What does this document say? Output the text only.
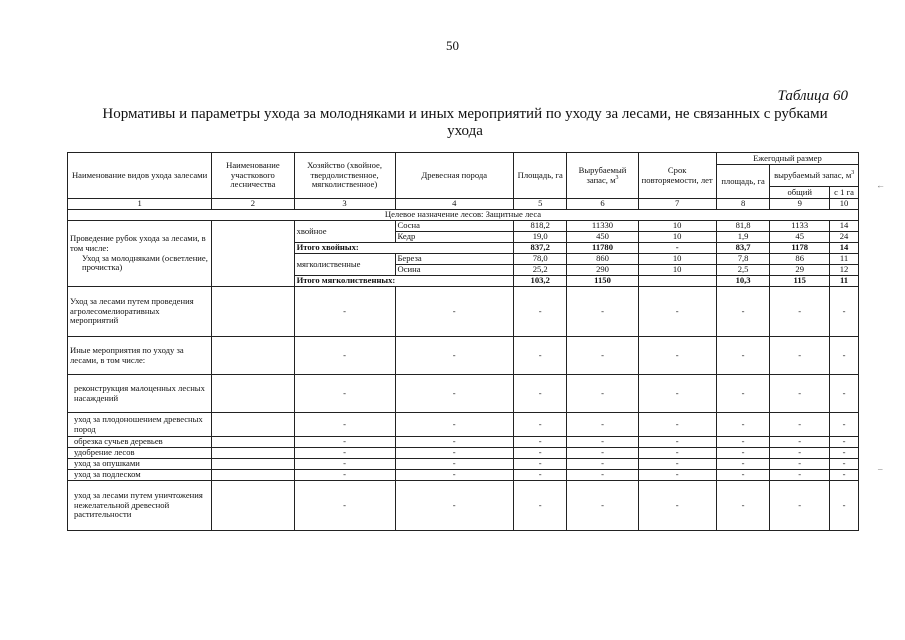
50
Таблица 60
Нормативы и параметры ухода за молодняками и иных мероприятий по уходу за лесами, не связанных с рубками
ухода
←
–
Наименование видов ухода залесами	Наименование участкового лесничества	Хозяйство (хвойное, твердолиственное, мягколиственное)	Древесная порода	Площадь, га	Вырубаемый запас, $м^3$	Срок повторяемости, лет	Ежегодный размер		
							площадь, га	вырубаемый запас, $м^3$
								общий	с 1 га
1	2	3	4	5	6	7	8	9	10
Целевое назначение лесов: Защитные леса									

Проведение рубок ухода за лесами, в том числе:
Уход за молодняками (осветление, прочистка)		хвойное	Сосна	818,2	11330	10	81,8	1133	14
			Кедр	19,0	450	10	1,9	45	24
		Итого хвойных:		837,2	11780	-	83,7	1178	14
		мягколиственные	Береза	78,0	860	10	7,8	86	11
			Осина	25,2	290	10	2,5	29	12
		Итого мягколиственных:		103,2	1150		10,3	115	11
Уход за лесами путем проведения агролесомелиоративных мероприятий		-	-	-	-	-	-	-	-
Иные мероприятия по уходу за лесами, в том числе:		-	-	-	-	-	-	-	-
реконструкция малоценных лесных насаждений		-	-	-	-	-	-	-	-
уход за плодоношением древесных пород		-	-	-	-	-	-	-	-
обрезка сучьев деревьев		-	-	-	-	-	-	-	-
удобрение лесов		-	-	-	-	-	-	-	-
уход за опушками		-	-	-	-	-	-	-	-
уход за подлеском		-	-	-	-	-	-	-	-
уход за лесами путем уничтожения нежелательной древесной растительности		-	-	-	-	-	-	-	-
